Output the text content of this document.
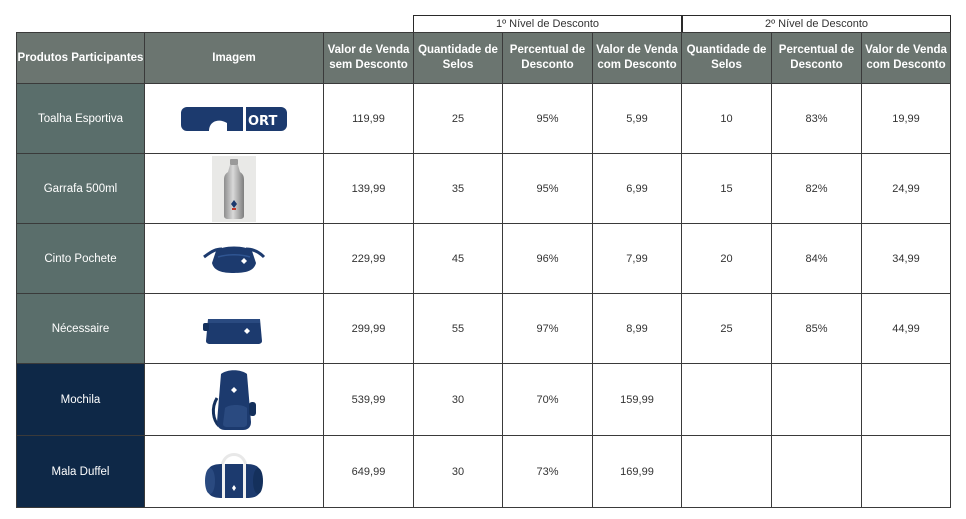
1º Nível de Desconto	2º Nível de Desconto
Produtos Participantes	Imagem	Valor de Venda sem Desconto	Quantidade de Selos	Percentual de Desconto	Valor de Venda com Desconto	Quantidade de Selos	Percentual de Desconto	Valor de Venda com Desconto
Toalha Esportiva	ORT	119,99	25	95%	5,99	10	83%	19,99
Garrafa 500ml		139,99	35	95%	6,99	15	82%	24,99
Cinto Pochete		229,99	45	96%	7,99	20	84%	34,99
Nécessaire		299,99	55	97%	8,99	25	85%	44,99
Mochila		539,99	30	70%	159,99			
Mala Duffel		649,99	30	73%	169,99			
